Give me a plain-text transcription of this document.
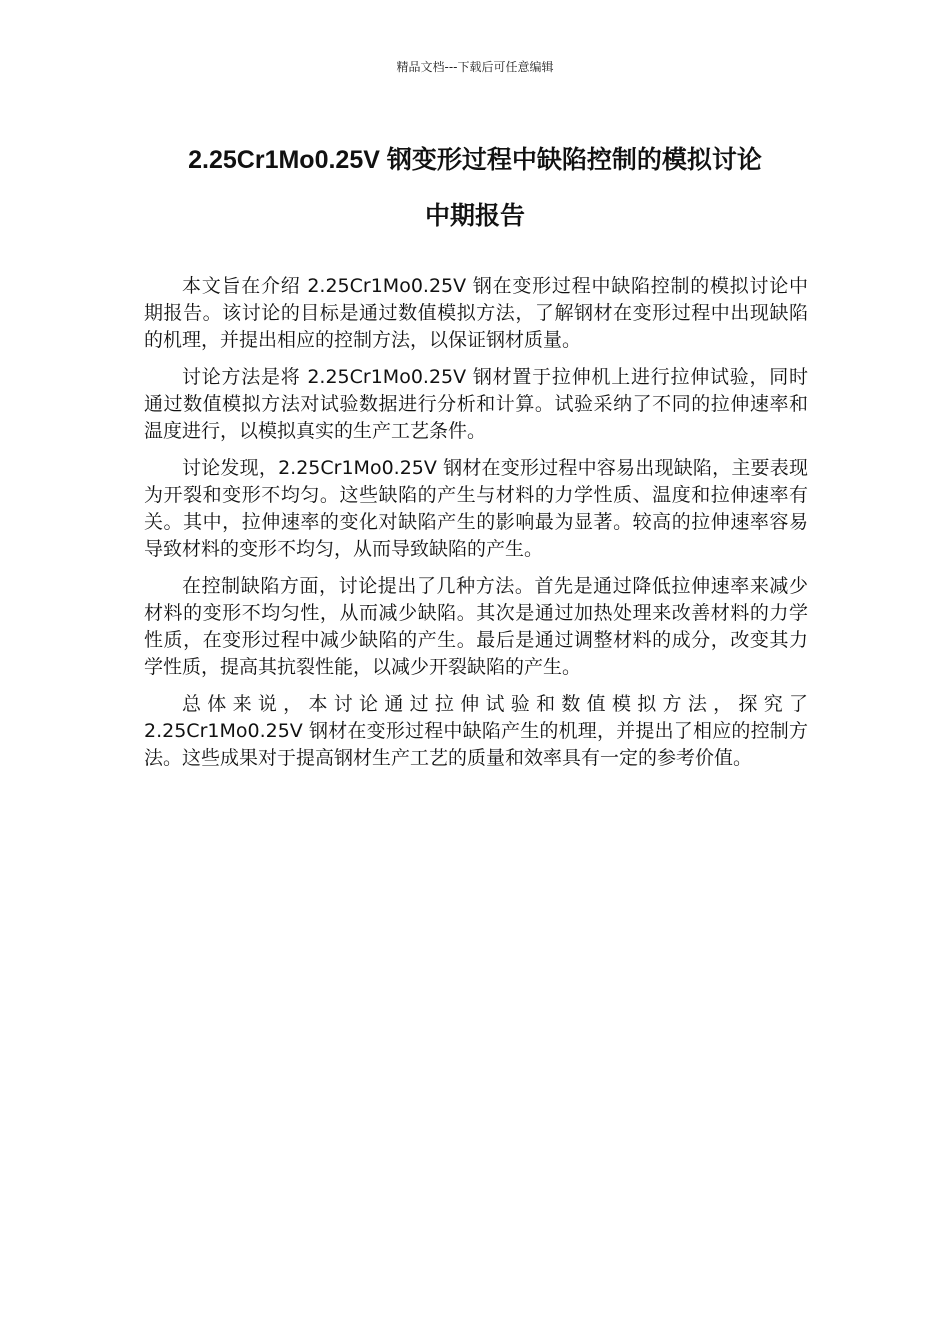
精品文档---下载后可任意编辑
2.25Cr1Mo0.25V 钢变形过程中缺陷控制的模拟讨论
中期报告

本文旨在介绍 2.25Cr1Mo0.25V 钢在变形过程中缺陷控制的模拟讨论中期报告。该讨论的目标是通过数值模拟方法，了解钢材在变形过程中出现缺陷的机理，并提出相应的控制方法，以保证钢材质量。

讨论方法是将 2.25Cr1Mo0.25V 钢材置于拉伸机上进行拉伸试验，同时通过数值模拟方法对试验数据进行分析和计算。试验采纳了不同的拉伸速率和温度进行，以模拟真实的生产工艺条件。

讨论发现，2.25Cr1Mo0.25V 钢材在变形过程中容易出现缺陷，主要表现为开裂和变形不均匀。这些缺陷的产生与材料的力学性质、温度和拉伸速率有关。其中，拉伸速率的变化对缺陷产生的影响最为显著。较高的拉伸速率容易导致材料的变形不均匀，从而导致缺陷的产生。

在控制缺陷方面，讨论提出了几种方法。首先是通过降低拉伸速率来减少材料的变形不均匀性，从而减少缺陷。其次是通过加热处理来改善材料的力学性质，在变形过程中减少缺陷的产生。最后是通过调整材料的成分，改变其力学性质，提高其抗裂性能，以减少开裂缺陷的产生。

总体来说，本讨论通过拉伸试验和数值模拟方法，探究了 2.25Cr1Mo0.25V 钢材在变形过程中缺陷产生的机理，并提出了相应的控制方法。这些成果对于提高钢材生产工艺的质量和效率具有一定的参考价值。
